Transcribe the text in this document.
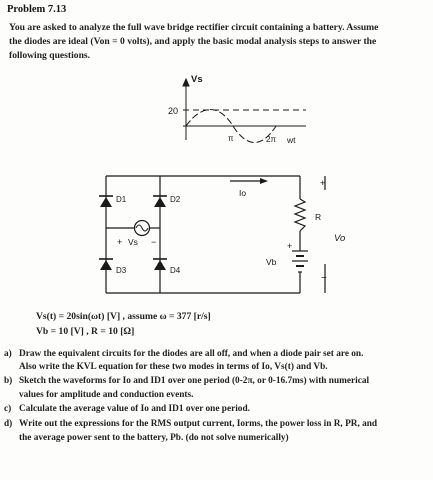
Problem 7.13
You are asked to analyze the full wave bridge rectifier circuit containing a battery. Assume
the diodes are ideal (Von = 0 volts), and apply the basic modal analysis steps to answer the
following questions.
Vs
20
π	2π wt
D1	D2
D3	D4
+ Vs −
Io
R
+
Vb
+
Vo
−
Vs(t) = 20sin(ωt) [V] , assume ω = 377 [r/s]
Vb = 10 [V] , R = 10 [Ω]
a) Draw the equivalent circuits for the diodes are all off, and when a diode pair set are on.
Also write the KVL equation for these two modes in terms of Io, Vs(t) and Vb.
b) Sketch the waveforms for Io and ID1 over one period (0-2π, or 0-16.7ms) with numerical
values for amplitude and conduction events.
c) Calculate the average value of Io and ID1 over one period.
d) Write out the expressions for the RMS output current, Iorms, the power loss in R, PR, and
the average power sent to the battery, Pb. (do not solve numerically)
